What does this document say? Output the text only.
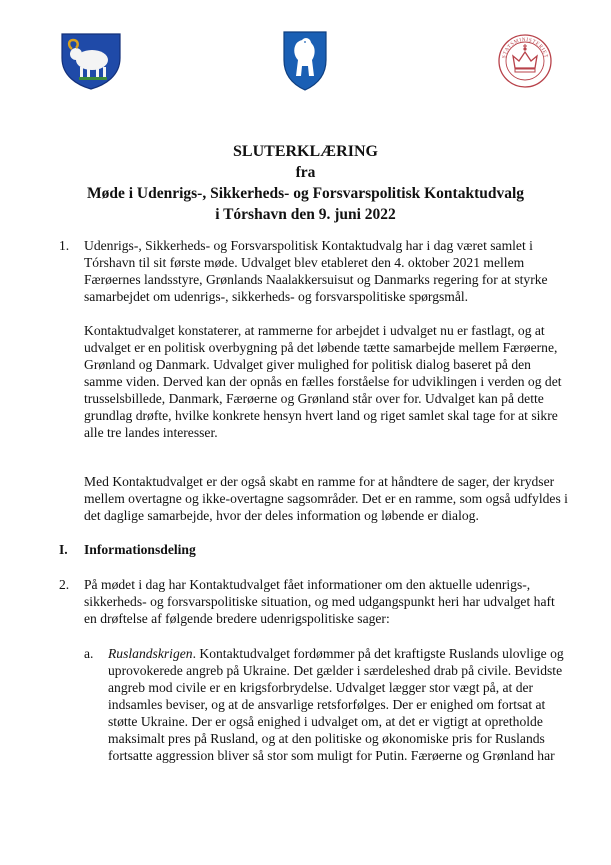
STATSMINISTERIET
SLUTERKLÆRING
fra
Møde i Udenrigs-, Sikkerheds- og Forsvarspolitisk Kontaktudvalg
i Tórshavn den 9. juni 2022
1. Udenrigs-, Sikkerheds- og Forsvarspolitisk Kontaktudvalg har i dag været samlet i
Tórshavn til sit første møde. Udvalget blev etableret den 4. oktober 2021 mellem
Færøernes landsstyre, Grønlands Naalakkersuisut og Danmarks regering for at styrke
samarbejdet om udenrigs-, sikkerheds- og forsvarspolitiske spørgsmål.
Kontaktudvalget konstaterer, at rammerne for arbejdet i udvalget nu er fastlagt, og at
udvalget er en politisk overbygning på det løbende tætte samarbejde mellem Færøerne,
Grønland og Danmark. Udvalget giver mulighed for politisk dialog baseret på den
samme viden. Derved kan der opnås en fælles forståelse for udviklingen i verden og det
trusselsbillede, Danmark, Færøerne og Grønland står over for. Udvalget kan på dette
grundlag drøfte, hvilke konkrete hensyn hvert land og riget samlet skal tage for at sikre
alle tre landes interesser.
Med Kontaktudvalget er der også skabt en ramme for at håndtere de sager, der krydser
mellem overtagne og ikke-overtagne sagsområder. Det er en ramme, som også udfyldes i
det daglige samarbejde, hvor der deles information og løbende er dialog.
I. Informationsdeling
2. På mødet i dag har Kontaktudvalget fået informationer om den aktuelle udenrigs-,
sikkerheds- og forsvarspolitiske situation, og med udgangspunkt heri har udvalget haft
en drøftelse af følgende bredere udenrigspolitiske sager:
a. Ruslandskrigen. Kontaktudvalget fordømmer på det kraftigste Ruslands ulovlige og
uprovokerede angreb på Ukraine. Det gælder i særdeleshed drab på civile. Bevidste
angreb mod civile er en krigsforbrydelse. Udvalget lægger stor vægt på, at der
indsamles beviser, og at de ansvarlige retsforfølges. Der er enighed om fortsat at
støtte Ukraine. Der er også enighed i udvalget om, at det er vigtigt at opretholde
maksimalt pres på Rusland, og at den politiske og økonomiske pris for Ruslands
fortsatte aggression bliver så stor som muligt for Putin. Færøerne og Grønland har
